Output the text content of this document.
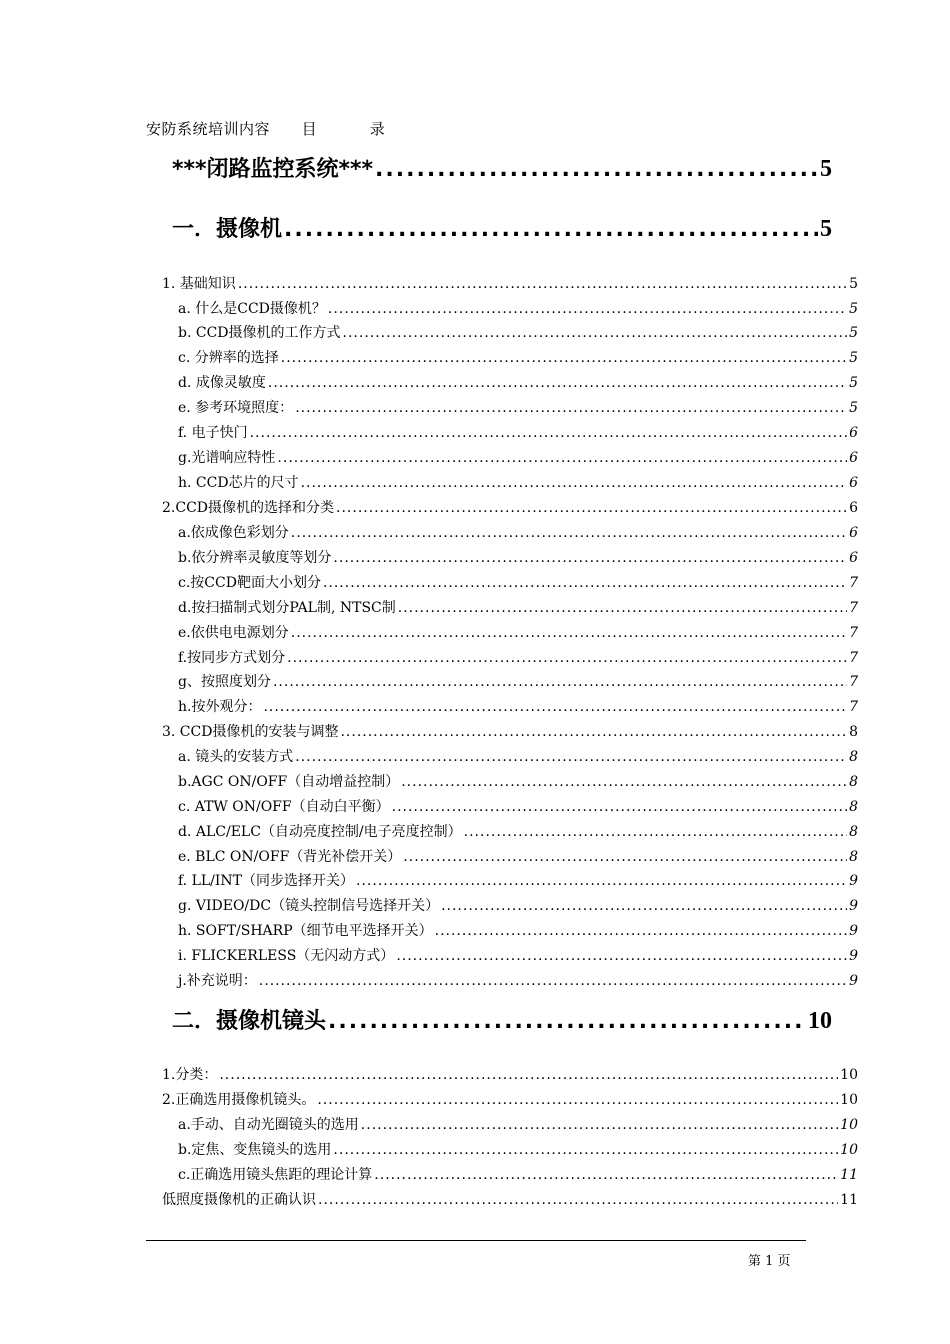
安防系统培训内容      目          录
***闭路监控系统*** .....	5
一．摄像机 .....	5
1. 基础知识 .....	5
a. 什么是CCD摄像机？ .....	5
b. CCD摄像机的工作方式 .....	5
c. 分辨率的选择 .....	5
d. 成像灵敏度 .....	5
e. 参考环境照度： .....	5
f. 电子快门 .....	6
g.光谱响应特性 .....	6
h. CCD芯片的尺寸 .....	6
2.CCD摄像机的选择和分类 .....	6
a.依成像色彩划分 .....	6
b.依分辨率灵敏度等划分 .....	6
c.按CCD靶面大小划分 .....	7
d.按扫描制式划分PAL制, NTSC制 .....	7
e.依供电电源划分 .....	7
f.按同步方式划分 .....	7
g、按照度划分 .....	7
h.按外观分： .....	7
3. CCD摄像机的安装与调整 .....	8
a. 镜头的安装方式 .....	8
b.AGC ON/OFF（自动增益控制） .....	8
c. ATW ON/OFF（自动白平衡） .....	8
d. ALC/ELC（自动亮度控制/电子亮度控制） .....	8
e. BLC ON/OFF（背光补偿开关） .....	8
f. LL/INT（同步选择开关） .....	9
g. VIDEO/DC（镜头控制信号选择开关） .....	9
h. SOFT/SHARP（细节电平选择开关） .....	9
i. FLICKERLESS（无闪动方式） .....	9
j.补充说明： .....	9
二．摄像机镜头 .....	10
1.分类： .....	10
2.正确选用摄像机镜头。 .....	10
a.手动、自动光圈镜头的选用 .....	10
b.定焦、变焦镜头的选用 .....	10
c.正确选用镜头焦距的理论计算 .....	11
低照度摄像机的正确认识 .....	11
第 1 页
